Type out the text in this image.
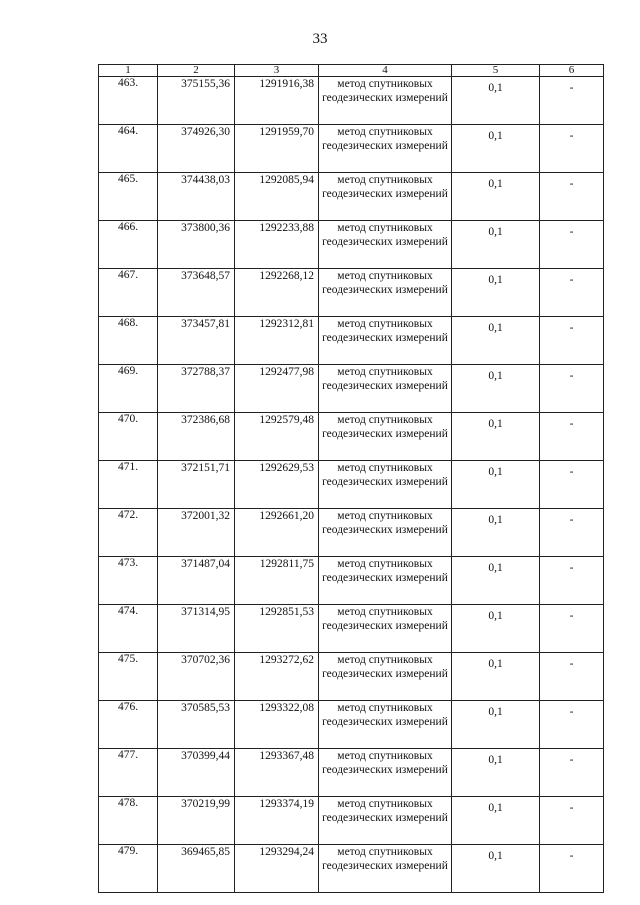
33
1	2	3	4	5	6
463.	375155,36	1291916,38	метод спутниковых геодезических измерений	0,1	-
464.	374926,30	1291959,70	метод спутниковых геодезических измерений	0,1	-
465.	374438,03	1292085,94	метод спутниковых геодезических измерений	0,1	-
466.	373800,36	1292233,88	метод спутниковых геодезических измерений	0,1	-
467.	373648,57	1292268,12	метод спутниковых геодезических измерений	0,1	-
468.	373457,81	1292312,81	метод спутниковых геодезических измерений	0,1	-
469.	372788,37	1292477,98	метод спутниковых геодезических измерений	0,1	-
470.	372386,68	1292579,48	метод спутниковых геодезических измерений	0,1	-
471.	372151,71	1292629,53	метод спутниковых геодезических измерений	0,1	-
472.	372001,32	1292661,20	метод спутниковых геодезических измерений	0,1	-
473.	371487,04	1292811,75	метод спутниковых геодезических измерений	0,1	-
474.	371314,95	1292851,53	метод спутниковых геодезических измерений	0,1	-
475.	370702,36	1293272,62	метод спутниковых геодезических измерений	0,1	-
476.	370585,53	1293322,08	метод спутниковых геодезических измерений	0,1	-
477.	370399,44	1293367,48	метод спутниковых геодезических измерений	0,1	-
478.	370219,99	1293374,19	метод спутниковых геодезических измерений	0,1	-
479.	369465,85	1293294,24	метод спутниковых геодезических измерений	0,1	-
